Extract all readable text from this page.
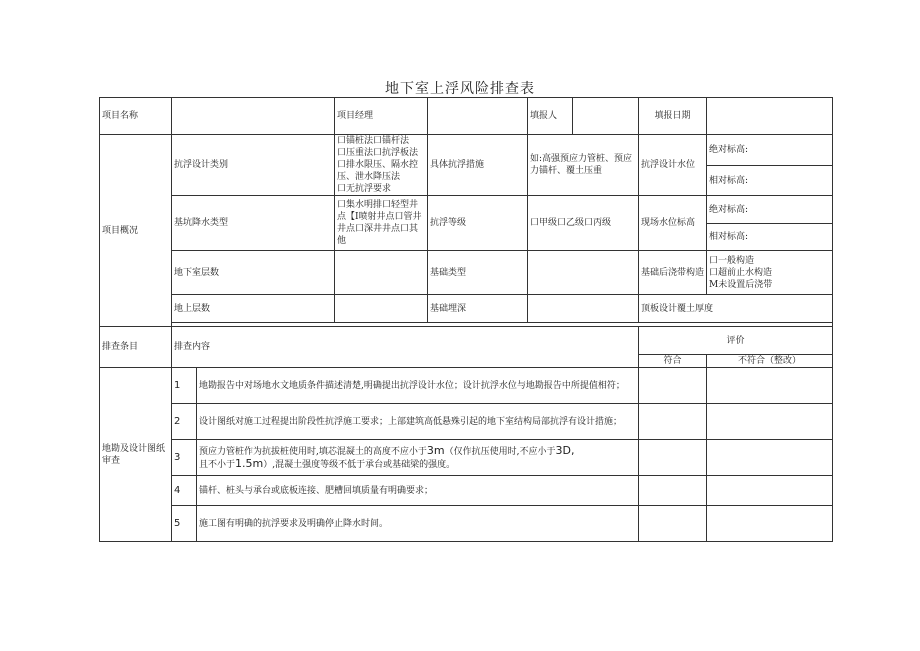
地下室上浮风险排查表
项目名称			项目经理		填报人		填报日期		
项目概况	抗浮设计类别		口锚桩法口锚杆法
口压重法口抗浮板法
口排水限压、隔水控压、泄水降压法
口无抗浮要求	具体抗浮措施	如:高强预应力管桩、预应力锚杆、覆土压重		抗浮设计水位	绝对标高:	
								相对标高:	
	基坑降水类型		口集水明排口轻型井点【I喷射井点口管井井点口深井井点口其他	抗浮等级	口甲级口乙级口丙级		现场水位标高	绝对标高:	
								相对标高:	
	地下室层数			基础类型			基础后浇带构造	口一般构造
口超前止水构造
M未设置后浇带	

	地上层数			基础埋深			顶板设计覆土厚度		

排查条目	排查内容						评价		
							符合	不符合（整改）	
地勘及设计图纸审查	1	地勘报告中对场地水文地质条件描述清楚,明确提出抗浮设计水位；设计抗浮水位与地勘报告中所提值相符；							
	2	设计图纸对施工过程提出阶段性抗浮施工要求；上部建筑高低悬殊引起的地下室结构局部抗浮有设计措施；							
	3	预应力管桩作为抗拔桩使用时,填芯混凝土的高度不应小于3m（仅作抗压使用时,不应小于3D,
且不小于1.5m）,混凝土强度等级不低于承台或基础梁的强度。							
	4	锚杆、桩头与承台或底板连接、肥槽回填质量有明确要求；							
	5	施工图有明确的抗浮要求及明确停止降水时间。							
